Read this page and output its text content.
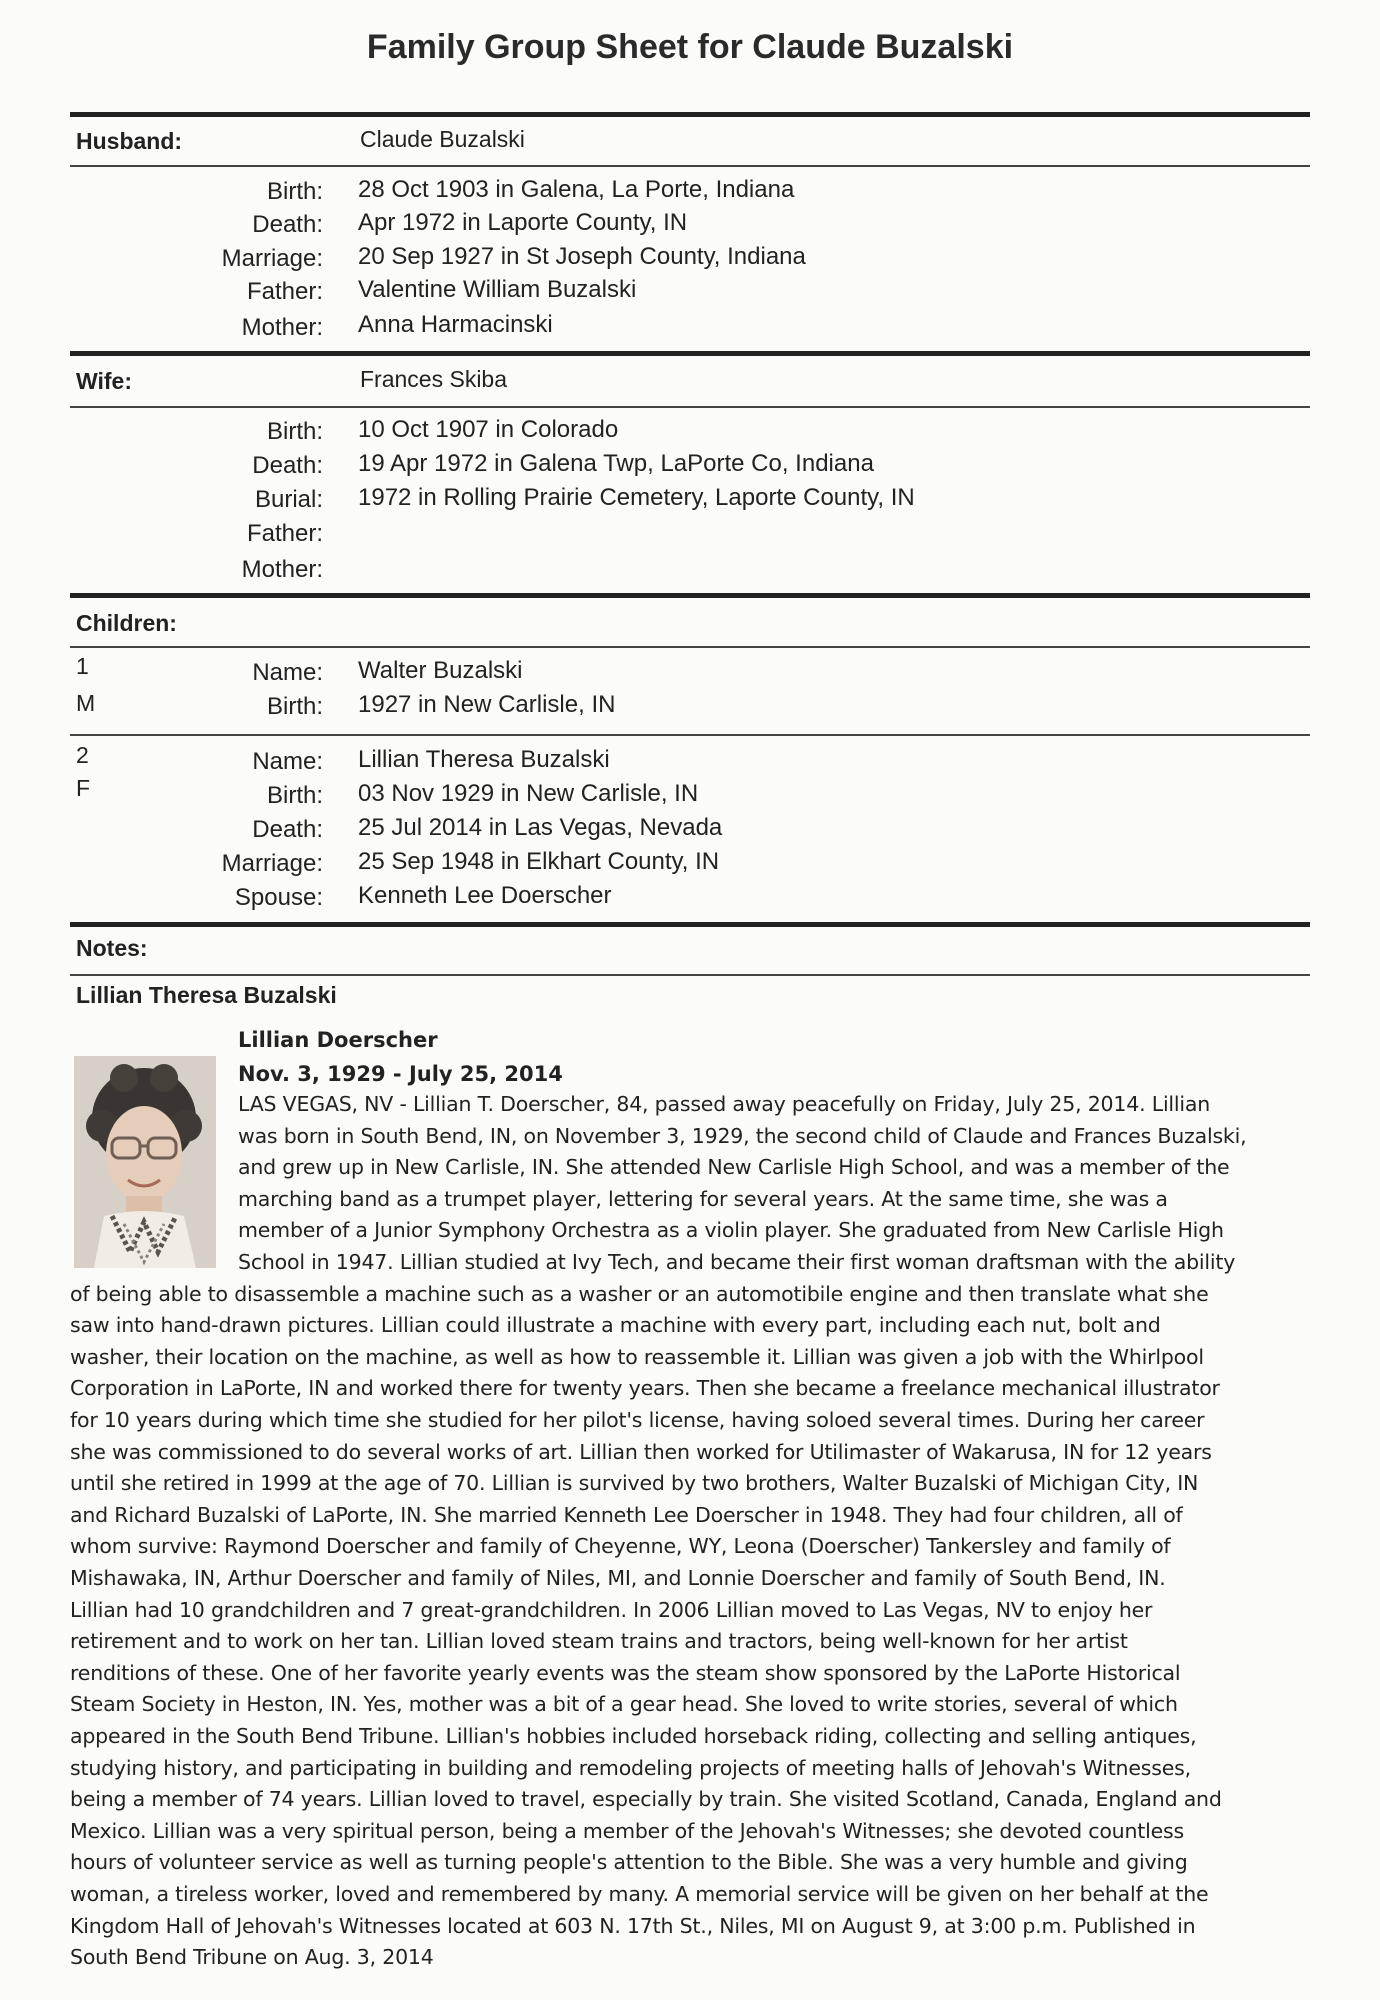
Family Group Sheet for Claude Buzalski
Husband:	Claude Buzalski
Birth: 28 Oct 1903 in Galena, La Porte, Indiana
Death: Apr 1972 in Laporte County, IN
Marriage: 20 Sep 1927 in St Joseph County, Indiana
Father: Valentine William Buzalski
Mother: Anna Harmacinski
Wife:	Frances Skiba
Birth: 10 Oct 1907 in Colorado
Death: 19 Apr 1972 in Galena Twp, LaPorte Co, Indiana
Burial: 1972 in Rolling Prairie Cemetery, Laporte County, IN
Father:
Mother:
Children:
1
M
Name: Walter Buzalski
Birth: 1927 in New Carlisle, IN
2
F
Name: Lillian Theresa Buzalski
Birth: 03 Nov 1929 in New Carlisle, IN
Death: 25 Jul 2014 in Las Vegas, Nevada
Marriage: 25 Sep 1948 in Elkhart County, IN
Spouse: Kenneth Lee Doerscher
Notes:
Lillian Theresa Buzalski
Lillian Doerscher
Nov. 3, 1929 - July 25, 2014
LAS VEGAS, NV - Lillian T. Doerscher, 84, passed away peacefully on Friday, July 25, 2014. Lillian
was born in South Bend, IN, on November 3, 1929, the second child of Claude and Frances Buzalski,
and grew up in New Carlisle, IN. She attended New Carlisle High School, and was a member of the
marching band as a trumpet player, lettering for several years. At the same time, she was a
member of a Junior Symphony Orchestra as a violin player. She graduated from New Carlisle High
School in 1947. Lillian studied at Ivy Tech, and became their first woman draftsman with the ability
of being able to disassemble a machine such as a washer or an automotibile engine and then translate what she
saw into hand-drawn pictures. Lillian could illustrate a machine with every part, including each nut, bolt and
washer, their location on the machine, as well as how to reassemble it. Lillian was given a job with the Whirlpool
Corporation in LaPorte, IN and worked there for twenty years. Then she became a freelance mechanical illustrator
for 10 years during which time she studied for her pilot's license, having soloed several times. During her career
she was commissioned to do several works of art. Lillian then worked for Utilimaster of Wakarusa, IN for 12 years
until she retired in 1999 at the age of 70. Lillian is survived by two brothers, Walter Buzalski of Michigan City, IN
and Richard Buzalski of LaPorte, IN. She married Kenneth Lee Doerscher in 1948. They had four children, all of
whom survive: Raymond Doerscher and family of Cheyenne, WY, Leona (Doerscher) Tankersley and family of
Mishawaka, IN, Arthur Doerscher and family of Niles, MI, and Lonnie Doerscher and family of South Bend, IN.
Lillian had 10 grandchildren and 7 great-grandchildren. In 2006 Lillian moved to Las Vegas, NV to enjoy her
retirement and to work on her tan. Lillian loved steam trains and tractors, being well-known for her artist
renditions of these. One of her favorite yearly events was the steam show sponsored by the LaPorte Historical
Steam Society in Heston, IN. Yes, mother was a bit of a gear head. She loved to write stories, several of which
appeared in the South Bend Tribune. Lillian's hobbies included horseback riding, collecting and selling antiques,
studying history, and participating in building and remodeling projects of meeting halls of Jehovah's Witnesses,
being a member of 74 years. Lillian loved to travel, especially by train. She visited Scotland, Canada, England and
Mexico. Lillian was a very spiritual person, being a member of the Jehovah's Witnesses; she devoted countless
hours of volunteer service as well as turning people's attention to the Bible. She was a very humble and giving
woman, a tireless worker, loved and remembered by many. A memorial service will be given on her behalf at the
Kingdom Hall of Jehovah's Witnesses located at 603 N. 17th St., Niles, MI on August 9, at 3:00 p.m. Published in
South Bend Tribune on Aug. 3, 2014
